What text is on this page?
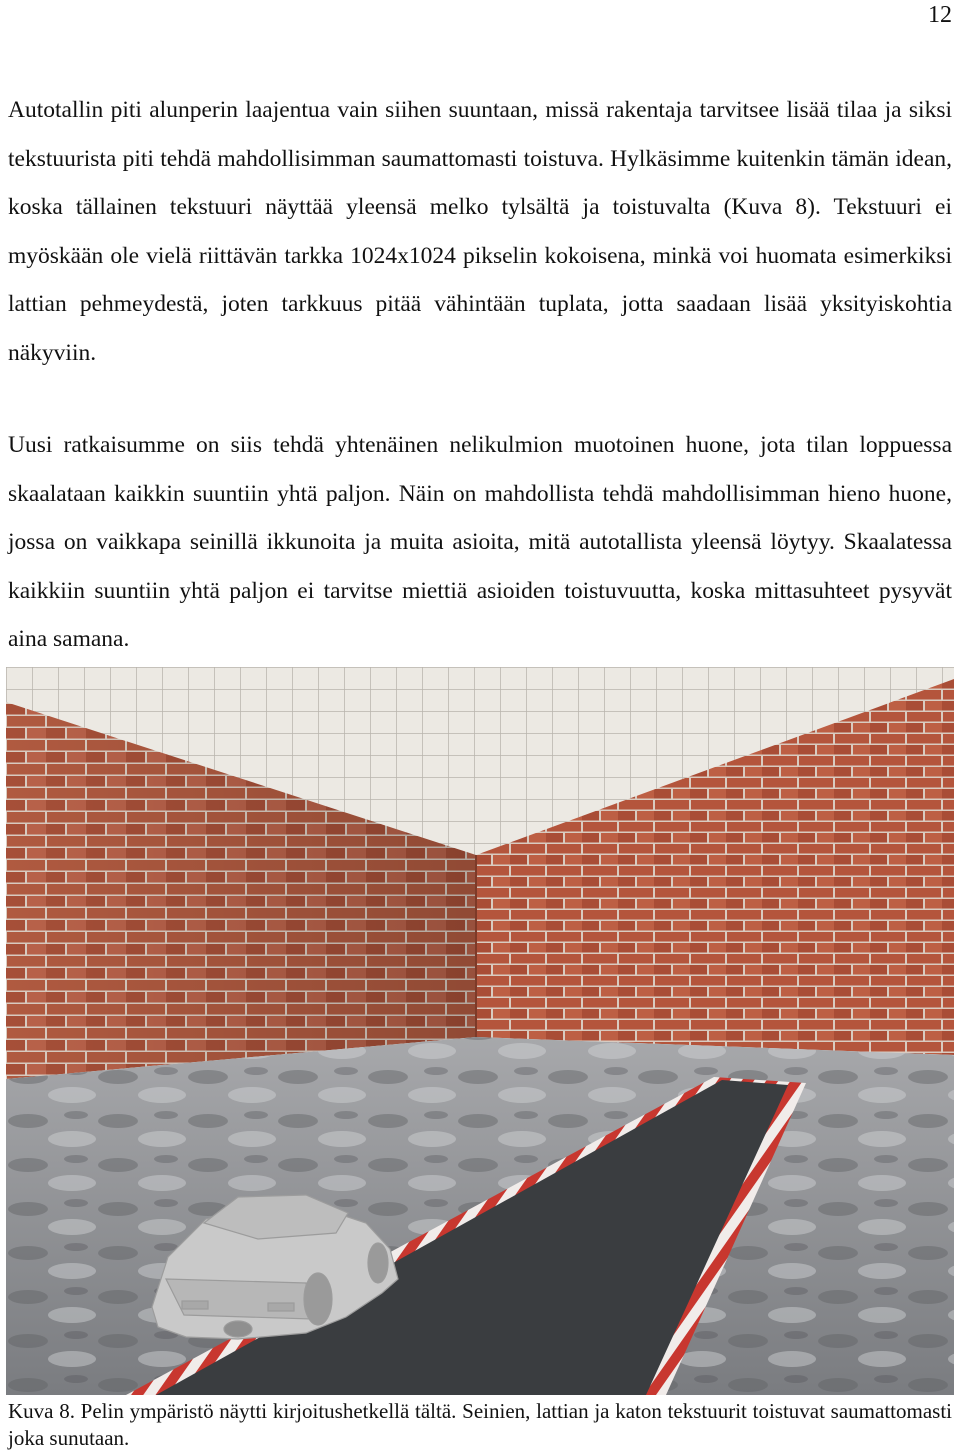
12

Autotallin piti alunperin laajentua vain siihen suuntaan, missä rakentaja tarvitsee lisää tilaa ja siksi tekstuurista piti tehdä mahdollisimman saumattomasti toistuva. Hylkäsimme kuitenkin tämän idean, koska tällainen tekstuuri näyttää yleensä melko tylsältä ja toistuvalta (Kuva 8). Tekstuuri ei myöskään ole vielä riittävän tarkka 1024x1024 pikselin kokoisena, minkä voi huomata esimerkiksi lattian pehmeydestä, joten tarkkuus pitää vähintään tuplata, jotta saadaan lisää yksityiskohtia näkyviin.

Uusi ratkaisumme on siis tehdä yhtenäinen nelikulmion muotoinen huone, jota tilan loppuessa skaalataan kaikkin suuntiin yhtä paljon. Näin on mahdollista tehdä mahdollisimman hieno huone, jossa on vaikkapa seinillä ikkunoita ja muita asioita, mitä autotallista yleensä löytyy. Skaalatessa kaikkiin suuntiin yhtä paljon ei tarvitse miettiä asioiden toistuvuutta, koska mittasuhteet pysyvät aina samana.

Kuva 8. Pelin ympäristö näytti kirjoitushetkellä tältä. Seinien, lattian ja katon tekstuurit toistuvat saumattomasti joka sunutaan.
